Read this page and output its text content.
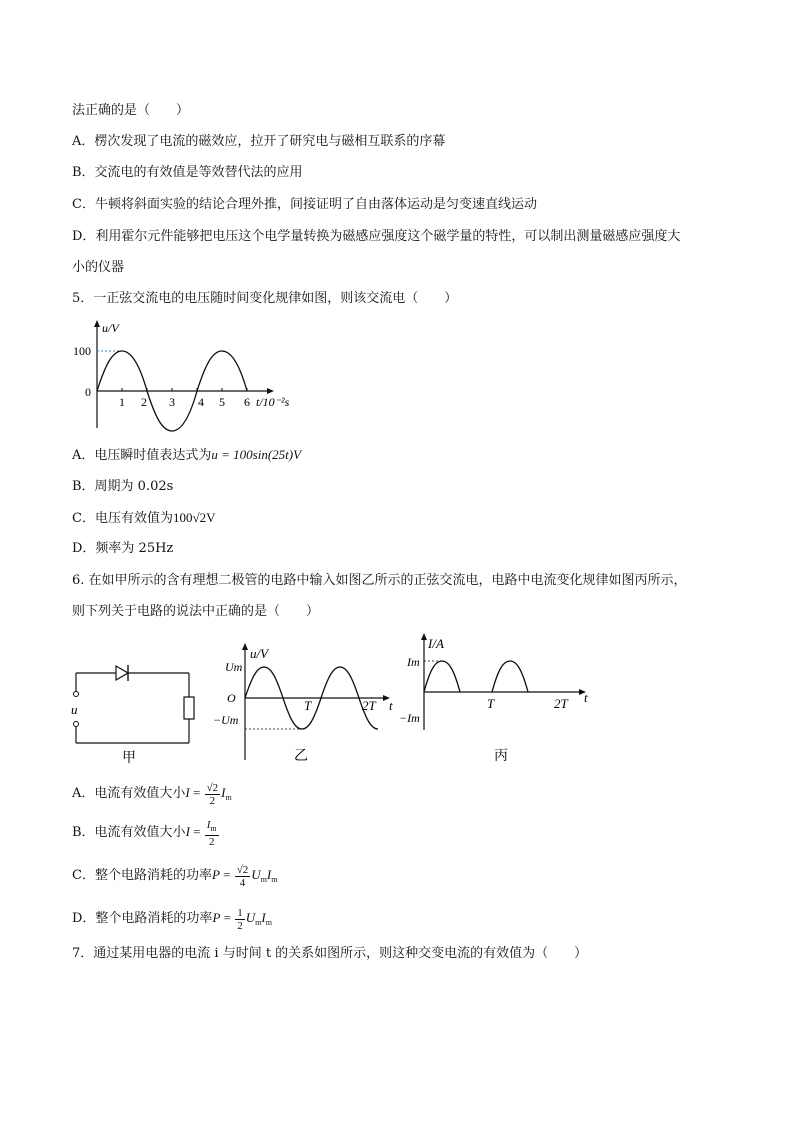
法正确的是（　　）
A．楞次发现了电流的磁效应，拉开了研究电与磁相互联系的序幕
B．交流电的有效值是等效替代法的应用
C．牛顿将斜面实验的结论合理外推，间接证明了自由落体运动是匀变速直线运动
D．利用霍尔元件能够把电压这个电学量转换为磁感应强度这个磁学量的特性，可以制出测量磁感应强度大
小的仪器
5．一正弦交流电的电压随时间变化规律如图，则该交流电（　　）
u/V
100
0
1 2 3 4 5 6 t/10⁻²s
A．电压瞬时值表达式为u = 100sin(25t)V
B．周期为 0.02s
C．电压有效值为100√2V
D．频率为 25Hz
6. 在如甲所示的含有理想二极管的电路中输入如图乙所示的正弦交流电，电路中电流变化规律如图丙所示，
则下列关于电路的说法中正确的是（　　）
u
甲
u/V
Um
O
−Um
T	2T t
乙
I/A
Im
−Im
T	2T t
丙
A．电流有效值大小$I = \frac{√2}{2} I_m$
B．电流有效值大小$I = \frac{I_m}{2}$
C．整个电路消耗的功率$P = \frac{√2}{4} U_mI_m$
D．整个电路消耗的功率$P = \frac{1}{2} U_mI_m$
7．通过某用电器的电流 i 与时间 t 的关系如图所示，则这种交变电流的有效值为（　　）
